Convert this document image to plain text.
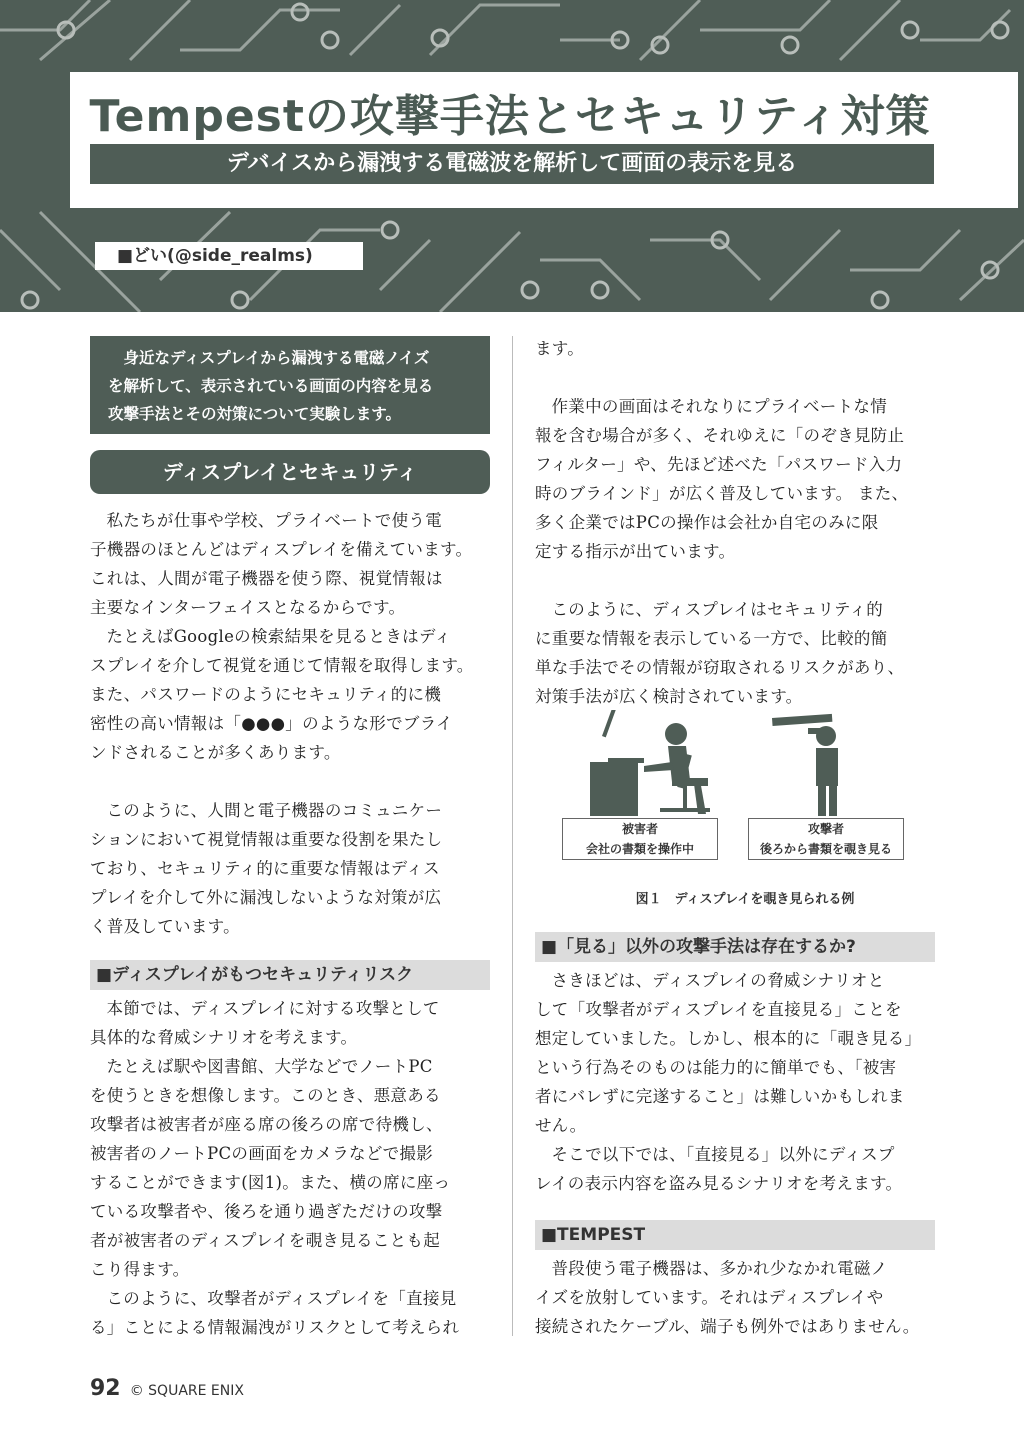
Tempestの攻撃手法とセキュリティ対策
デバイスから漏洩する電磁波を解析して画面の表示を見る
■どい(@side_realms)

身近なディスプレイから漏洩する電磁ノイズ

を解析して、表示されている画面の内容を見る

攻撃手法とその対策について実験します。

ディスプレイとセキュリティ

私たちが仕事や学校、プライベートで使う電

子機器のほとんどはディスプレイを備えています。

これは、人間が電子機器を使う際、視覚情報は

主要なインターフェイスとなるからです。

たとえばGoogleの検索結果を見るときはディ

スプレイを介して視覚を通じて情報を取得します。

また、パスワードのようにセキュリティ的に機

密性の高い情報は「●●●」のような形でブライ

ンドされることが多くあります。

このように、人間と電子機器のコミュニケー

ションにおいて視覚情報は重要な役割を果たし

ており、セキュリティ的に重要な情報はディス

プレイを介して外に漏洩しないような対策が広

く普及しています。

■ディスプレイがもつセキュリティリスク

本節では、ディスプレイに対する攻撃として

具体的な脅威シナリオを考えます。

たとえば駅や図書館、大学などでノートPC

を使うときを想像します。このとき、悪意ある

攻撃者は被害者が座る席の後ろの席で待機し、

被害者のノートPCの画面をカメラなどで撮影

することができます(図1)。また、横の席に座っ

ている攻撃者や、後ろを通り過ぎただけの攻撃

者が被害者のディスプレイを覗き見ることも起

こり得ます。

このように、攻撃者がディスプレイを「直接見

る」ことによる情報漏洩がリスクとして考えられ

ます。

作業中の画面はそれなりにプライベートな情

報を含む場合が多く、それゆえに「のぞき見防止

フィルター」や、先ほど述べた「パスワード入力

時のブラインド」が広く普及しています。 また、

多く企業ではPCの操作は会社か自宅のみに限

定する指示が出ています。

このように、ディスプレイはセキュリティ的

に重要な情報を表示している一方で、比較的簡

単な手法でその情報が窃取されるリスクがあり、

対策手法が広く検討されています。

被害者
会社の書類を操作中
攻撃者
後ろから書類を覗き見る
図１　ディスプレイを覗き見られる例
■「見る」以外の攻撃手法は存在するか?

さきほどは、ディスプレイの脅威シナリオと

して「攻撃者がディスプレイを直接見る」ことを

想定していました。しかし、根本的に「覗き見る」

という行為そのものは能力的に簡単でも、「被害

者にバレずに完遂すること」は難しいかもしれま

せん。

そこで以下では、「直接見る」以外にディスプ

レイの表示内容を盗み見るシナリオを考えます。

■TEMPEST

普段使う電子機器は、多かれ少なかれ電磁ノ

イズを放射しています。それはディスプレイや

接続されたケーブル、端子も例外ではありません。

92 © SQUARE ENIX
